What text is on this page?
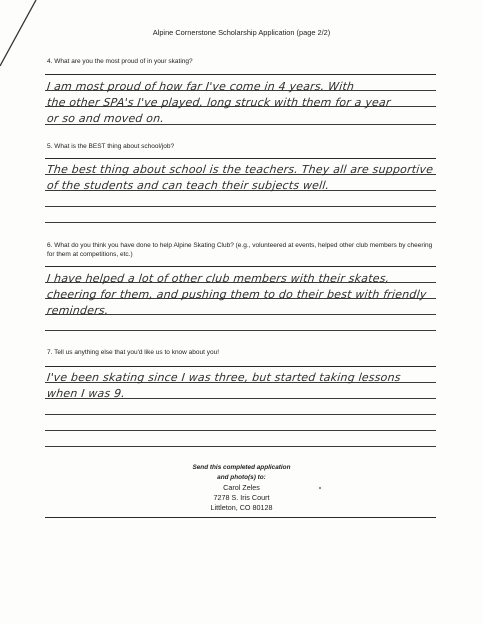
Alpine Cornerstone Scholarship Application (page 2/2)
4. What are you the most proud of in your skating?
I am most proud of how far I've come in 4 years. With
the other SPA's I've played, long struck with them for a year
or so and moved on.
5. What is the BEST thing about school/job?
The best thing about school is the teachers. They all are supportive
of the students and can teach their subjects well.
6. What do you think you have done to help Alpine Skating Club? (e.g., volunteered at events, helped other club members by cheering for them at competitions, etc.)
I have helped a lot of other club members with their skates,
cheering for them, and pushing them to do their best with friendly
reminders.
7. Tell us anything else that you'd like us to know about you!
I've been skating since I was three, but started taking lessons
when I was 9.
Send this completed application
and photo(s) to:
Carol Zeles
7278 S. Iris Court
Littleton, CO 80128
